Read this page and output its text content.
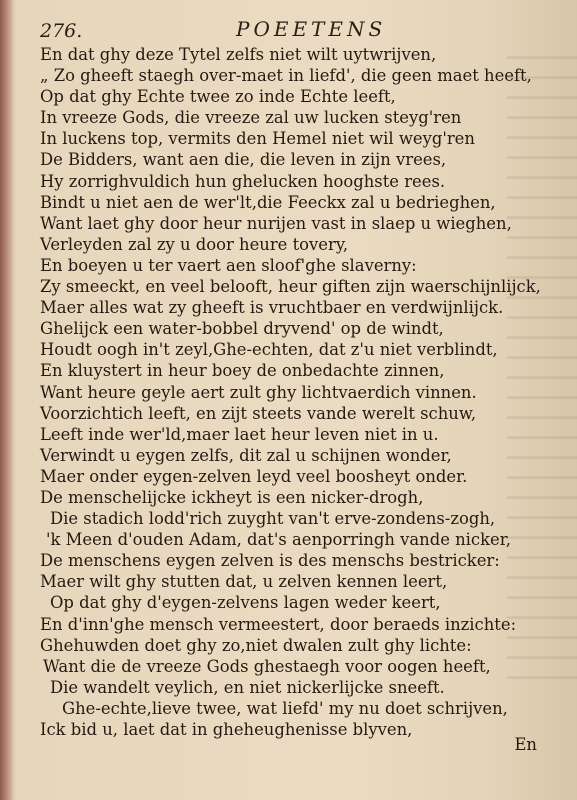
276.	POEETENS
En dat ghy deze Tytel zelfs niet wilt uytwrijven,
„ Zo gheeft staegh over-maet in liefd', die geen maet heeft,
Op dat ghy Echte twee zo inde Echte leeft,
In vreeze Gods, die vreeze zal uw lucken steyg'ren
In luckens top, vermits den Hemel niet wil weyg'ren
De Bidders, want aen die, die leven in zijn vrees,
Hy zorrighvuldich hun ghelucken hooghste rees.
Bindt u niet aen de wer'lt,die Feeckx zal u bedrieghen,
Want laet ghy door heur nurijen vast in slaep u wieghen,
Verleyden zal zy u door heure tovery,
En boeyen u ter vaert aen sloof'ghe slaverny:
Zy smeeckt, en veel belooft, heur giften zijn waerschijnlijck,
Maer alles wat zy gheeft is vruchtbaer en verdwijnlijck.
Ghelijck een water-bobbel dryvend' op de windt,
Houdt oogh in't zeyl,Ghe-echten, dat z'u niet verblindt,
En kluystert in heur boey de onbedachte zinnen,
Want heure geyle aert zult ghy lichtvaerdich vinnen.
Voorzichtich leeft, en zijt steets vande werelt schuw,
Leeft inde wer'ld,maer laet heur leven niet in u.
Verwindt u eygen zelfs, dit zal u schijnen wonder,
Maer onder eygen-zelven leyd veel boosheyt onder.
De menschelijcke ickheyt is een nicker-drogh,
Die stadich lodd'rich zuyght van't erve-zondens-zogh,
'k Meen d'ouden Adam, dat's aenporringh vande nicker,
De menschens eygen zelven is des menschs bestricker:
Maer wilt ghy stutten dat, u zelven kennen leert,
Op dat ghy d'eygen-zelvens lagen weder keert,
En d'inn'ghe mensch vermeestert, door beraeds inzichte:
Ghehuwden doet ghy zo,niet dwalen zult ghy lichte:
Want die de vreeze Gods ghestaegh voor oogen heeft,
Die wandelt veylich, en niet nickerlijcke sneeft.
Ghe-echte,lieve twee, wat liefd' my nu doet schrijven,
Ick bid u, laet dat in gheheughenisse blyven,
En
